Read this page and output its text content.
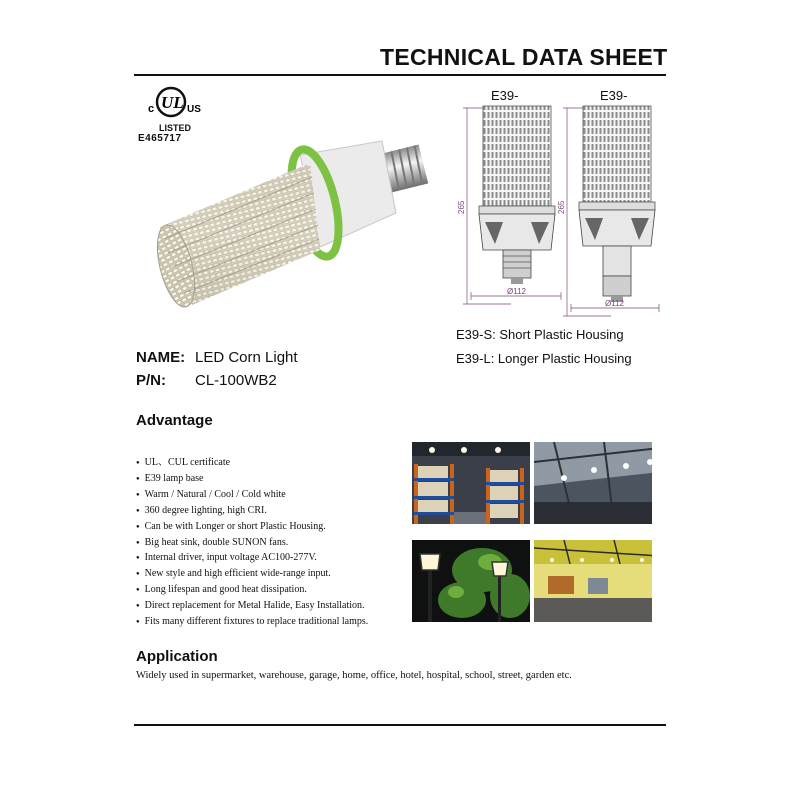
TECHNICAL DATA SHEET
c UL US
LISTED
E465717
E39-	E39-
265	265
Ø112
Ø112
E39-S: Short Plastic Housing
E39-L: Longer Plastic Housing
NAME: LED Corn Light
P/N: CL-100WB2
Advantage
● UL、CUL certificate
● E39 lamp base
● Warm / Natural / Cool / Cold white
● 360 degree lighting, high CRI.
● Can be with Longer or short Plastic Housing.
● Big heat sink, double SUNON fans.
● Internal driver, input voltage AC100-277V.
● New style and high efficient wide-range input.
● Long lifespan and good heat dissipation.
● Direct replacement for Metal Halide, Easy Installation.
● Fits many different fixtures to replace traditional lamps.
Application
Widely used in supermarket, warehouse, garage, home, office, hotel, hospital, school, street, garden etc.
